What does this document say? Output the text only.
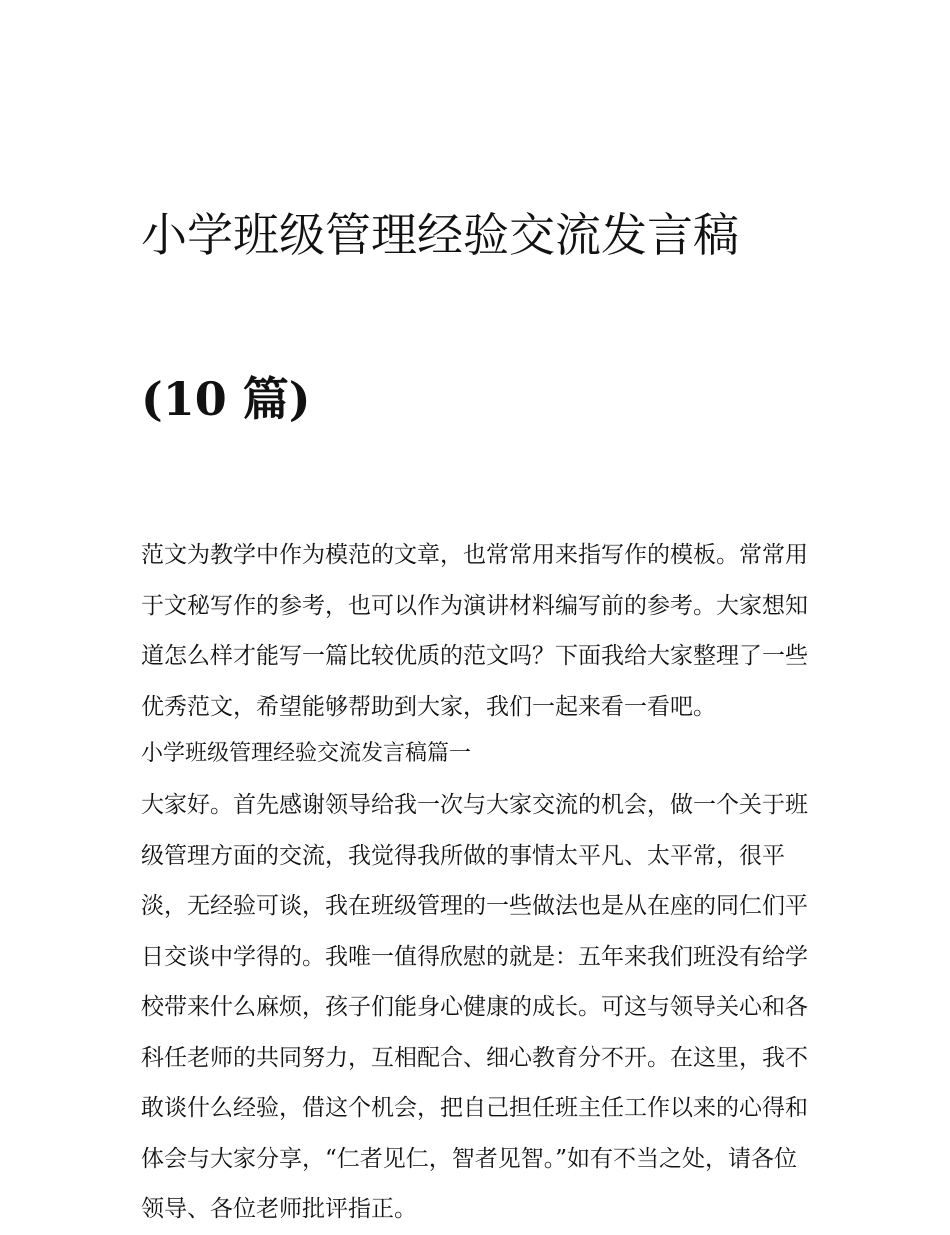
小学班级管理经验交流发言稿

(10 篇)

范文为教学中作为模范的文章，也常常用来指写作的模板。常常用于文秘写作的参考，也可以作为演讲材料编写前的参考。大家想知道怎么样才能写一篇比较优质的范文吗？下面我给大家整理了一些优秀范文，希望能够帮助到大家，我们一起来看一看吧。

小学班级管理经验交流发言稿篇一

大家好。首先感谢领导给我一次与大家交流的机会，做一个关于班级管理方面的交流，我觉得我所做的事情太平凡、太平常，很平淡，无经验可谈，我在班级管理的一些做法也是从在座的同仁们平日交谈中学得的。我唯一值得欣慰的就是：五年来我们班没有给学校带来什么麻烦，孩子们能身心健康的成长。可这与领导关心和各科任老师的共同努力，互相配合、细心教育分不开。在这里，我不敢谈什么经验，借这个机会，把自己担任班主任工作以来的心得和体会与大家分享，“仁者见仁，智者见智。”如有不当之处，请各位领导、各位老师批评指正。
